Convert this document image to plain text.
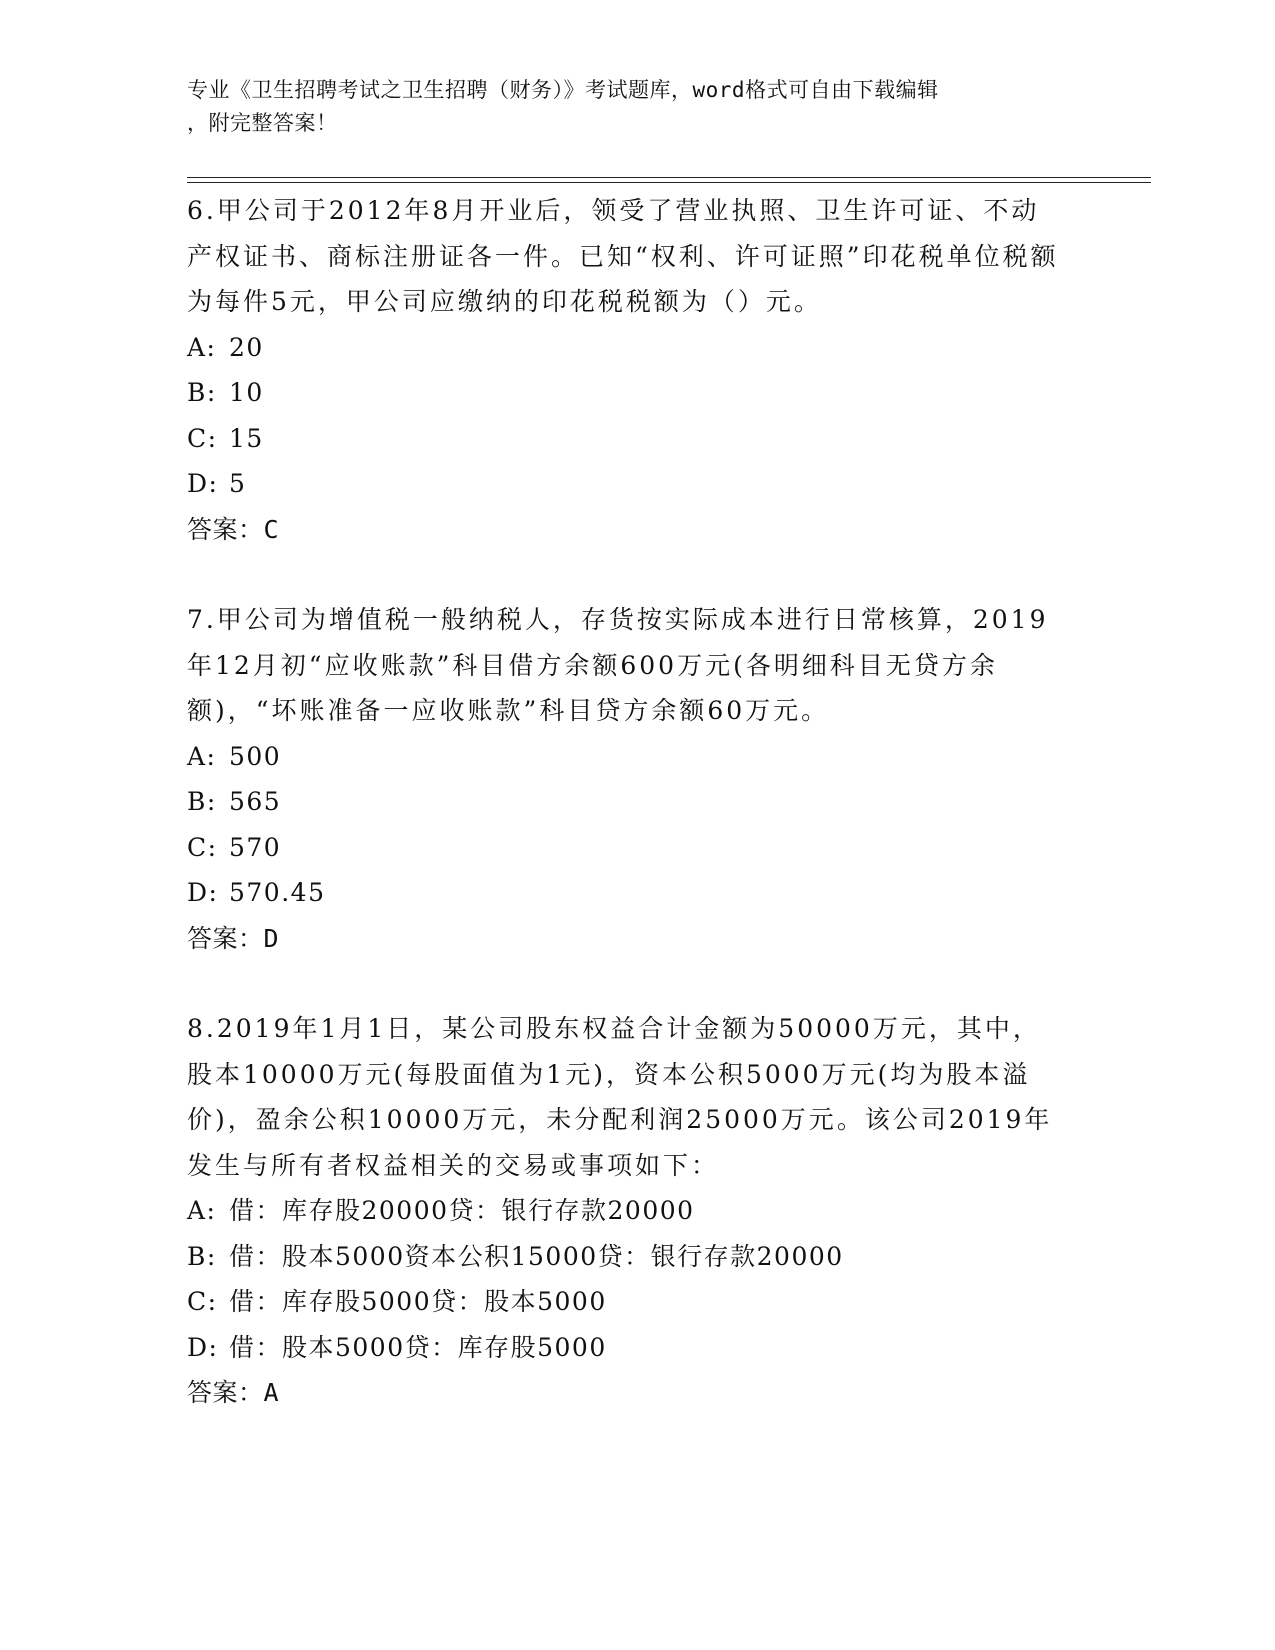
专业《卫生招聘考试之卫生招聘（财务）》考试题库，word格式可自由下载编辑
，附完整答案！

6.甲公司于2012年8月开业后，领受了营业执照、卫生许可证、不动产权证书、商标注册证各一件。已知“权利、许可证照”印花税单位税额为每件5元，甲公司应缴纳的印花税税额为（）元。

A: 20
B: 10
C: 15
D: 5

答案：C

7.甲公司为增值税一般纳税人，存货按实际成本进行日常核算，2019年12月初“应收账款”科目借方余额600万元(各明细科目无贷方余额)，“坏账准备一应收账款”科目贷方余额60万元。

A: 500
B: 565
C: 570
D: 570.45

答案：D

8.2019年1月1日，某公司股东权益合计金额为50000万元，其中，股本10000万元(每股面值为1元)，资本公积5000万元(均为股本溢价)，盈余公积10000万元，未分配利润25000万元。该公司2019年发生与所有者权益相关的交易或事项如下：

A: 借：库存股20000贷：银行存款20000
B: 借：股本5000资本公积15000贷：银行存款20000
C: 借：库存股5000贷：股本5000
D: 借：股本5000贷：库存股5000

答案：A
